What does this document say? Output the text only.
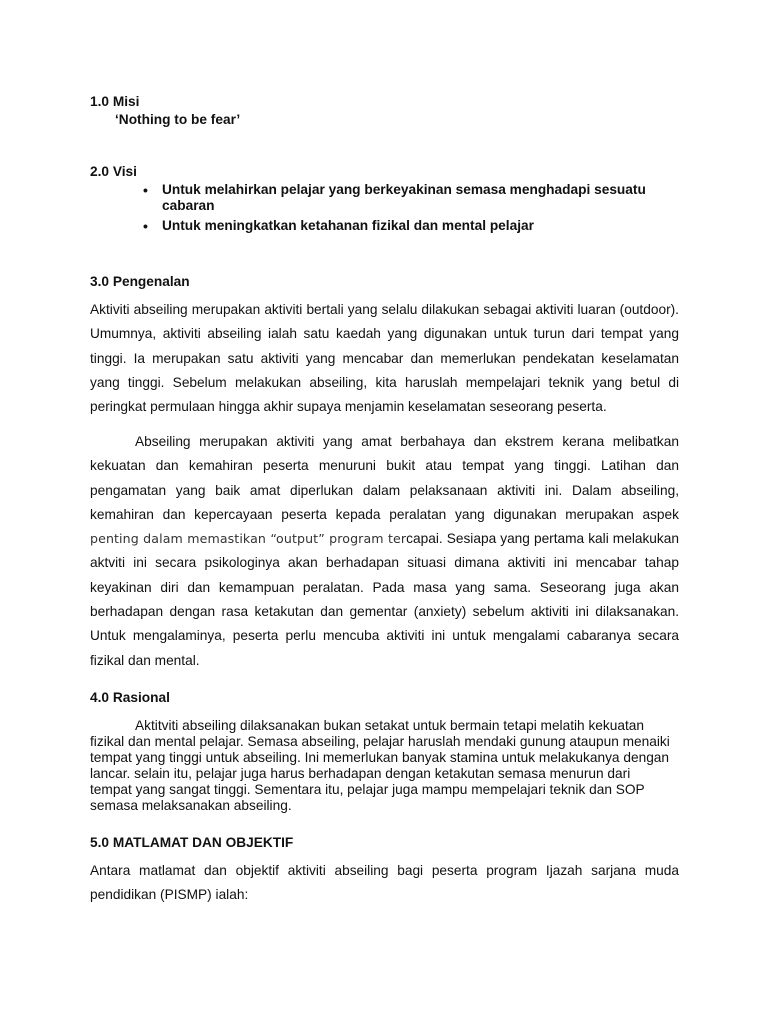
1.0 Misi
‘Nothing to be fear’
2.0 Visi
• Untuk melahirkan pelajar yang berkeyakinan semasa menghadapi sesuatu cabaran
• Untuk meningkatkan ketahanan fizikal dan mental pelajar
3.0 Pengenalan
Aktiviti abseiling merupakan aktiviti bertali yang selalu dilakukan sebagai aktiviti luaran (outdoor). Umumnya, aktiviti abseiling ialah satu kaedah yang digunakan untuk turun dari tempat yang tinggi. Ia merupakan satu aktiviti yang mencabar dan memerlukan pendekatan keselamatan yang tinggi. Sebelum melakukan abseiling, kita haruslah mempelajari teknik yang betul di peringkat permulaan hingga akhir supaya menjamin keselamatan seseorang peserta.
Abseiling merupakan aktiviti yang amat berbahaya dan ekstrem kerana melibatkan kekuatan dan kemahiran peserta menuruni bukit atau tempat yang tinggi. Latihan dan pengamatan yang baik amat diperlukan dalam pelaksanaan aktiviti ini. Dalam abseiling, kemahiran dan kepercayaan peserta kepada peralatan yang digunakan merupakan aspek penting dalam memastikan “output” program tercapai. Sesiapa yang pertama kali melakukan aktviti ini secara psikologinya akan berhadapan situasi dimana aktiviti ini mencabar tahap keyakinan diri dan kemampuan peralatan. Pada masa yang sama. Seseorang juga akan berhadapan dengan rasa ketakutan dan gementar (anxiety) sebelum aktiviti ini dilaksanakan. Untuk mengalaminya, peserta perlu mencuba aktiviti ini untuk mengalami cabaranya secara fizikal dan mental.
4.0 Rasional
Aktitviti abseiling dilaksanakan bukan setakat untuk bermain tetapi melatih kekuatan
fizikal dan mental pelajar. Semasa abseiling, pelajar haruslah mendaki gunung ataupun menaiki
tempat yang tinggi untuk abseiling. Ini memerlukan banyak stamina untuk melakukanya dengan
lancar. selain itu, pelajar juga harus berhadapan dengan ketakutan semasa menurun dari
tempat yang sangat tinggi. Sementara itu, pelajar juga mampu mempelajari teknik dan SOP
semasa melaksanakan abseiling.
5.0 MATLAMAT DAN OBJEKTIF
Antara matlamat dan objektif aktiviti abseiling bagi peserta program Ijazah sarjana muda pendidikan (PISMP) ialah:
